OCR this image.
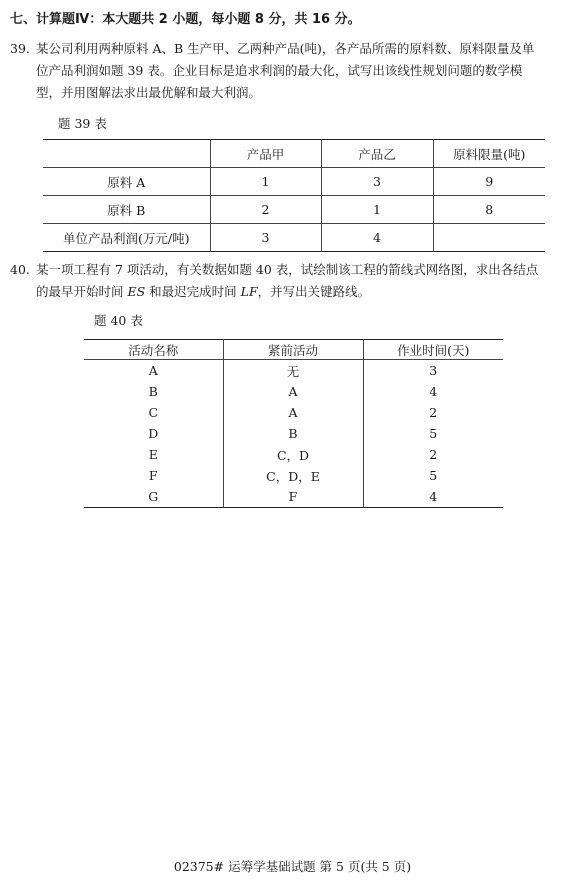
七、计算题Ⅳ：本大题共 2 小题，每小题 8 分，共 16 分。
39. 某公司利用两种原料 A、B 生产甲、乙两种产品(吨)，各产品所需的原料数、原料限量及单
位产品利润如题 39 表。企业目标是追求利润的最大化，试写出该线性规划问题的数学模
型，并用图解法求出最优解和最大利润。
题 39 表
	产品甲	产品乙	原料限量(吨)
原料 A	1	3	9
原料 B	2	1	8
单位产品利润(万元/吨)	3	4	
40. 某一项工程有 7 项活动，有关数据如题 40 表，试绘制该工程的箭线式网络图，求出各结点
的最早开始时间 ES 和最迟完成时间 LF，并写出关键路线。
题 40 表
活动名称	紧前活动	作业时间(天)
A	无	3
B	A	4
C	A	2
D	B	5
E	C，D	2
F	C，D，E	5
G	F	4
02375# 运筹学基础试题 第 5 页(共 5 页)
